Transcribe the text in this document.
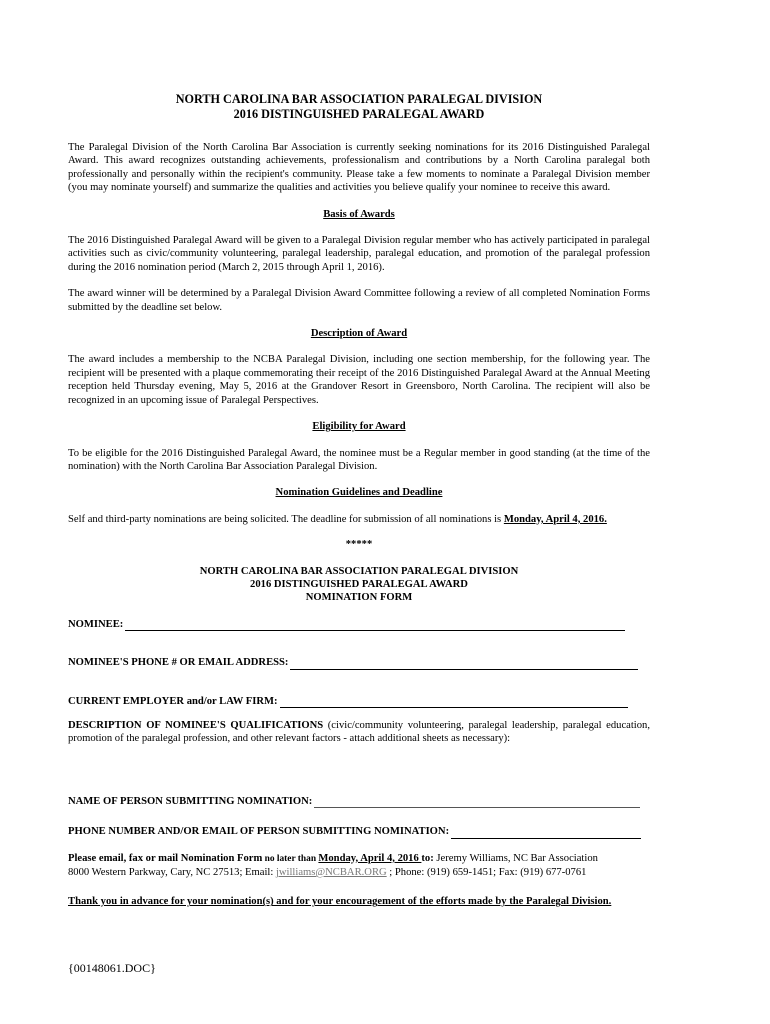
NORTH CAROLINA BAR ASSOCIATION PARALEGAL DIVISION
2016 DISTINGUISHED PARALEGAL AWARD

The Paralegal Division of the North Carolina Bar Association is currently seeking nominations for its 2016 Distinguished Paralegal Award. This award recognizes outstanding achievements, professionalism and contributions by a North Carolina paralegal both professionally and personally within the recipient's community. Please take a few moments to nominate a Paralegal Division member (you may nominate yourself) and summarize the qualities and activities you believe qualify your nominee to receive this award.

Basis of Awards

The 2016 Distinguished Paralegal Award will be given to a Paralegal Division regular member who has actively participated in paralegal activities such as civic/community volunteering, paralegal leadership, paralegal education, and promotion of the paralegal profession during the 2016 nomination period (March 2, 2015 through April 1, 2016).

The award winner will be determined by a Paralegal Division Award Committee following a review of all completed Nomination Forms submitted by the deadline set below.

Description of Award

The award includes a membership to the NCBA Paralegal Division, including one section membership, for the following year. The recipient will be presented with a plaque commemorating their receipt of the 2016 Distinguished Paralegal Award at the Annual Meeting reception held Thursday evening, May 5, 2016 at the Grandover Resort in Greensboro, North Carolina. The recipient will also be recognized in an upcoming issue of Paralegal Perspectives.

Eligibility for Award

To be eligible for the 2016 Distinguished Paralegal Award, the nominee must be a Regular member in good standing (at the time of the nomination) with the North Carolina Bar Association Paralegal Division.

Nomination Guidelines and Deadline

Self and third-party nominations are being solicited. The deadline for submission of all nominations is Monday, April 4, 2016.

*****
NORTH CAROLINA BAR ASSOCIATION PARALEGAL DIVISION
2016 DISTINGUISHED PARALEGAL AWARD
NOMINATION FORM
NOMINEE:
NOMINEE'S PHONE # OR EMAIL ADDRESS:
CURRENT EMPLOYER and/or LAW FIRM:

DESCRIPTION OF NOMINEE'S QUALIFICATIONS (civic/community volunteering, paralegal leadership, paralegal education, promotion of the paralegal profession, and other relevant factors - attach additional sheets as necessary):

NAME OF PERSON SUBMITTING NOMINATION:
PHONE NUMBER AND/OR EMAIL OF PERSON SUBMITTING NOMINATION:

Please email, fax or mail Nomination Form no later than Monday, April 4, 2016 to: Jeremy Williams, NC Bar Association

8000 Western Parkway, Cary, NC 27513; Email: jwilliams@NCBAR.ORG ; Phone: (919) 659-1451; Fax: (919) 677-0761

Thank you in advance for your nomination(s) and for your encouragement of the efforts made by the Paralegal Division.

{00148061.DOC}
